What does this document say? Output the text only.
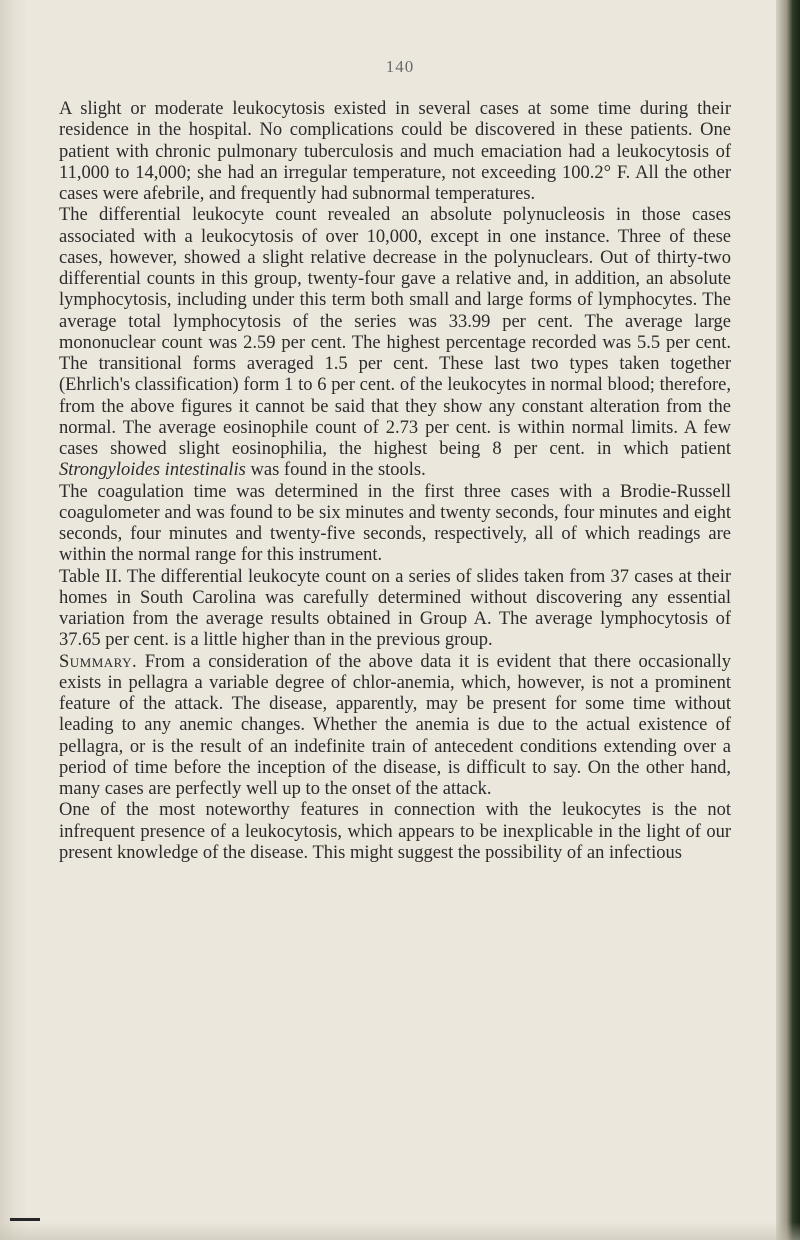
140

A slight or moderate leukocytosis existed in several cases at some time during their residence in the hospital. No complications could be discovered in these patients. One patient with chronic pulmonary tuberculosis and much emaciation had a leukocytosis of 11,000 to 14,000; she had an irregular temperature, not exceeding 100.2° F. All the other cases were afebrile, and frequently had subnormal temperatures.

The differential leukocyte count revealed an absolute polynucleosis in those cases associated with a leukocytosis of over 10,000, except in one instance. Three of these cases, however, showed a slight relative decrease in the polynuclears. Out of thirty-two differential counts in this group, twenty-four gave a relative and, in addition, an absolute lymphocytosis, including under this term both small and large forms of lymphocytes. The average total lymphocytosis of the series was 33.99 per cent. The average large mononuclear count was 2.59 per cent. The highest percentage recorded was 5.5 per cent. The transitional forms averaged 1.5 per cent. These last two types taken together (Ehrlich's classification) form 1 to 6 per cent. of the leukocytes in normal blood; therefore, from the above figures it cannot be said that they show any constant alteration from the normal. The average eosinophile count of 2.73 per cent. is within normal limits. A few cases showed slight eosinophilia, the highest being 8 per cent. in which patient Strongyloides intestinalis was found in the stools.

The coagulation time was determined in the first three cases with a Brodie-Russell coagulometer and was found to be six minutes and twenty seconds, four minutes and eight seconds, four minutes and twenty-five seconds, respectively, all of which readings are within the normal range for this instrument.

Table II. The differential leukocyte count on a series of slides taken from 37 cases at their homes in South Carolina was carefully determined without discovering any essential variation from the average results obtained in Group A. The average lymphocytosis of 37.65 per cent. is a little higher than in the previous group.

Summary. From a consideration of the above data it is evident that there occasionally exists in pellagra a variable degree of chlor-anemia, which, however, is not a prominent feature of the attack. The disease, apparently, may be present for some time without leading to any anemic changes. Whether the anemia is due to the actual existence of pellagra, or is the result of an indefinite train of antecedent conditions extending over a period of time before the inception of the disease, is difficult to say. On the other hand, many cases are perfectly well up to the onset of the attack.

One of the most noteworthy features in connection with the leukocytes is the not infrequent presence of a leukocytosis, which appears to be inexplicable in the light of our present knowledge of the disease. This might suggest the possibility of an infectious
